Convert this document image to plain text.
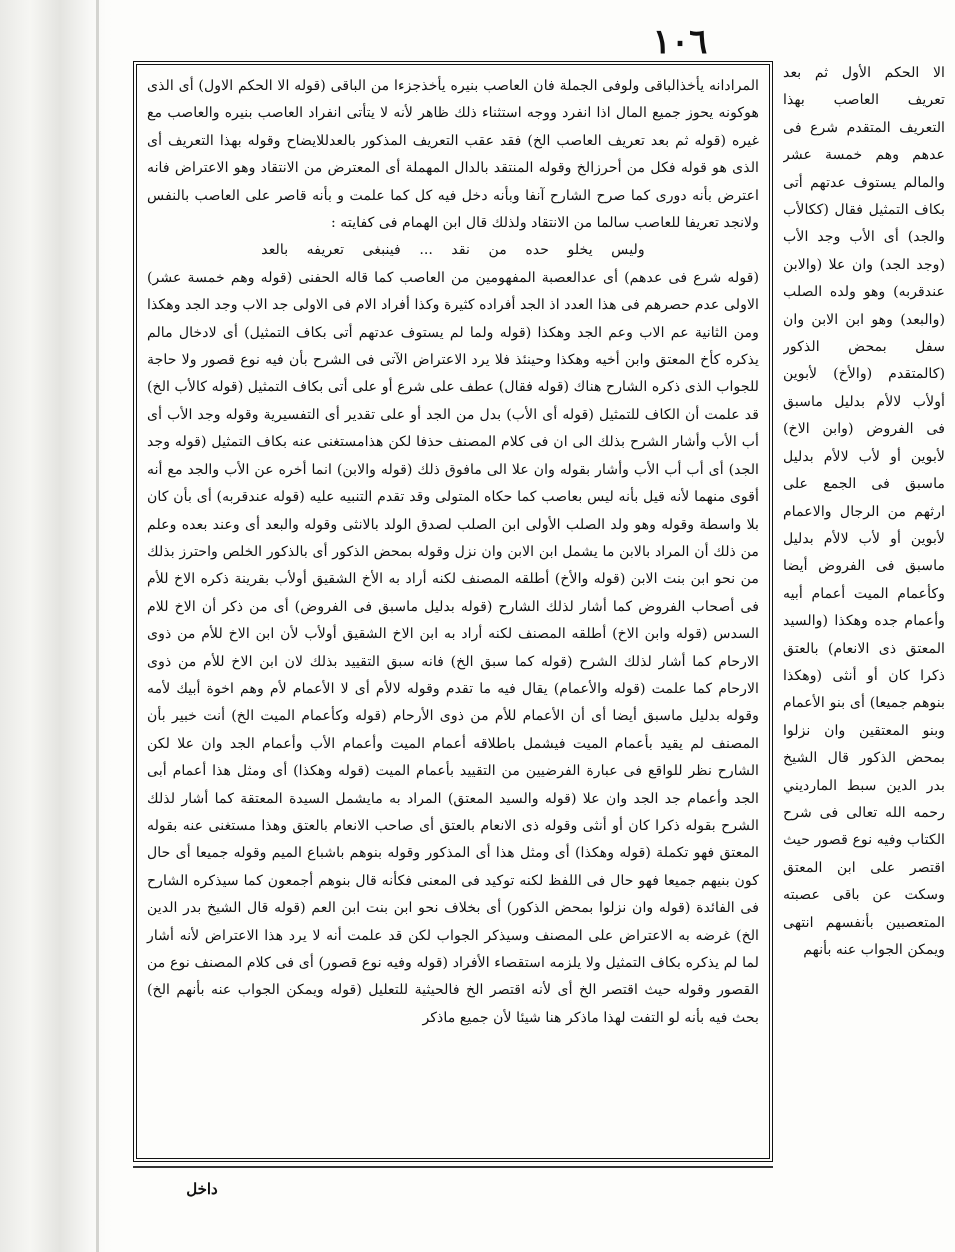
١٠٦

المرادانه يأخذالباقى ولوفى الجملة فان العاصب بنيره يأخذجزءا من الباقى (قوله الا الحكم الاول) أى الذى هوكونه يحوز جميع المال اذا انفرد ووجه استثناء ذلك ظاهر لأنه لا يتأتى انفراد العاصب بنيره والعاصب مع غيره (قوله ثم بعد تعريف العاصب الخ) فقد عقب التعريف المذكور بالعدللايضاح وقوله بهذا التعريف أى الذى هو قوله فكل من أحرزالخ وقوله المنتقد بالدال المهملة أى المعترض من الانتقاد وهو الاعتراض فانه اعترض بأنه دورى كما صرح الشارح آنفا وبأنه دخل فيه كل كما علمت و بأنه قاصر على العاصب بالنفس ولانجد تعريفا للعاصب سالما من الانتقاد ولذلك قال ابن الهمام فى كفايته :

وليس يخلو حده من نقد ... فينبغى تعريفه بالعد

(قوله شرع فى عدهم) أى عدالعصبة المفهومين من العاصب كما قاله الحفنى (قوله وهم خمسة عشر) الاولى عدم حصرهم فى هذا العدد اذ الجد أفراده كثيرة وكذا أفراد الام فى الاولى جد الاب وجد الجد وهكذا ومن الثانية عم الاب وعم الجد وهكذا (قوله ولما لم يستوف عدتهم أتى بكاف التمثيل) أى لادخال مالم يذكره كأخ المعتق وابن أخيه وهكذا وحينئذ فلا يرد الاعتراض الآتى فى الشرح بأن فيه نوع قصور ولا حاجة للجواب الذى ذكره الشارح هناك (قوله فقال) عطف على شرع أو على أتى بكاف التمثيل (قوله كالأب الخ) قد علمت أن الكاف للتمثيل (قوله أى الأب) بدل من الجد أو على تقدير أى التفسيرية وقوله وجد الأب أى أب الأب وأشار الشرح بذلك الى ان فى كلام المصنف حذفا لكن هذامستغنى عنه بكاف التمثيل (قوله وجد الجد) أى أب أب الأب وأشار بقوله وان علا الى مافوق ذلك (قوله والابن) انما أخره عن الأب والجد مع أنه أقوى منهما لأنه قيل بأنه ليس بعاصب كما حكاه المتولى وقد تقدم التنبيه عليه (قوله عندقربه) أى بأن كان بلا واسطة وقوله وهو ولد الصلب الأولى ابن الصلب لصدق الولد بالانثى وقوله والبعد أى وعند بعده وعلم من ذلك أن المراد بالابن ما يشمل ابن الابن وان نزل وقوله بمحض الذكور أى بالذكور الخلص واحترز بذلك من نحو ابن بنت الابن (قوله والأخ) أطلقه المصنف لكنه أراد به الأخ الشقيق أولأب بقرينة ذكره الاخ للأم فى أصحاب الفروض كما أشار لذلك الشارح (قوله بدليل ماسبق فى الفروض) أى من ذكر أن الاخ للام السدس (قوله وابن الاخ) أطلقه المصنف لكنه أراد به ابن الاخ الشقيق أولأب لأن ابن الاخ للأم من ذوى الارحام كما أشار لذلك الشرح (قوله كما سبق الخ) فانه سبق التقييد بذلك لان ابن الاخ للأم من ذوى الارحام كما علمت (قوله والأعمام) يقال فيه ما تقدم وقوله لالأم أى لا الأعمام لأم وهم اخوة أبيك لأمه وقوله بدليل ماسبق أيضا أى أن الأعمام للأم من ذوى الأرحام (قوله وكأعمام الميت الخ) أنت خبير بأن المصنف لم يقيد بأعمام الميت فيشمل باطلاقه أعمام الميت وأعمام الأب وأعمام الجد وان علا لكن الشارح نظر للواقع فى عبارة الفرضيين من التقييد بأعمام الميت (قوله وهكذا) أى ومثل هذا أعمام أبى الجد وأعمام جد الجد وان علا (قوله والسيد المعتق) المراد به مايشمل السيدة المعتقة كما أشار لذلك الشرح بقوله ذكرا كان أو أنثى وقوله ذى الانعام بالعتق أى صاحب الانعام بالعتق وهذا مستغنى عنه بقوله المعتق فهو تكملة (قوله وهكذا) أى ومثل هذا أى المذكور وقوله بنوهم باشباع الميم وقوله جميعا أى حال كون بنيهم جميعا فهو حال فى اللفظ لكنه توكيد فى المعنى فكأنه قال بنوهم أجمعون كما سيذكره الشارح فى الفائدة (قوله وان نزلوا بمحض الذكور) أى بخلاف نحو ابن بنت ابن العم (قوله قال الشيخ بدر الدين الخ) غرضه به الاعتراض على المصنف وسيذكر الجواب لكن قد علمت أنه لا يرد هذا الاعتراض لأنه أشار لما لم يذكره بكاف التمثيل ولا يلزمه استقصاء الأفراد (قوله وفيه نوع قصور) أى فى كلام المصنف نوع من القصور وقوله حيث اقتصر الخ أى لأنه اقتصر الخ فالحيثية للتعليل (قوله ويمكن الجواب عنه بأنهم الخ) بحث فيه بأنه لو التفت لهذا ماذكر هنا شيئا لأن جميع ماذكر

الا الحكم الأول ثم بعد تعريف العاصب بهذا التعريف المتقدم شرع فى عدهم وهم خمسة عشر والمالم يستوف عدتهم أتى بكاف التمثيل فقال (ككالأب والجد) أى الأب وجد الأب (وجد الجد) وان علا (والابن عندقربه) وهو ولده الصلب (والبعد) وهو ابن الابن وان سفل بمحض الذكور (كالمتقدم (والأخ) لأبوين أولأب لالأم بدليل ماسبق فى الفروض (وابن الاخ) لأبوين أو لأب لالأم بدليل ماسبق فى الجمع على ارثهم من الرجال والاعمام لأبوين أو لأب لالأم بدليل ماسبق فى الفروض أيضا وكأعمام الميت أعمام أبيه وأعمام جده وهكذا (والسيد المعتق ذى الانعام) بالعتق ذكرا كان أو أنثى (وهكذا بنوهم جميعا) أى بنو الأعمام وبنو المعتقين وان نزلوا بمحض الذكور قال الشيخ بدر الدين سبط المارديني رحمه الله تعالى فى شرح الكتاب وفيه نوع قصور حيث اقتصر على ابن المعتق وسكت عن باقى عصبته المتعصبين بأنفسهم انتهى ويمكن الجواب عنه بأنهم

داخل
